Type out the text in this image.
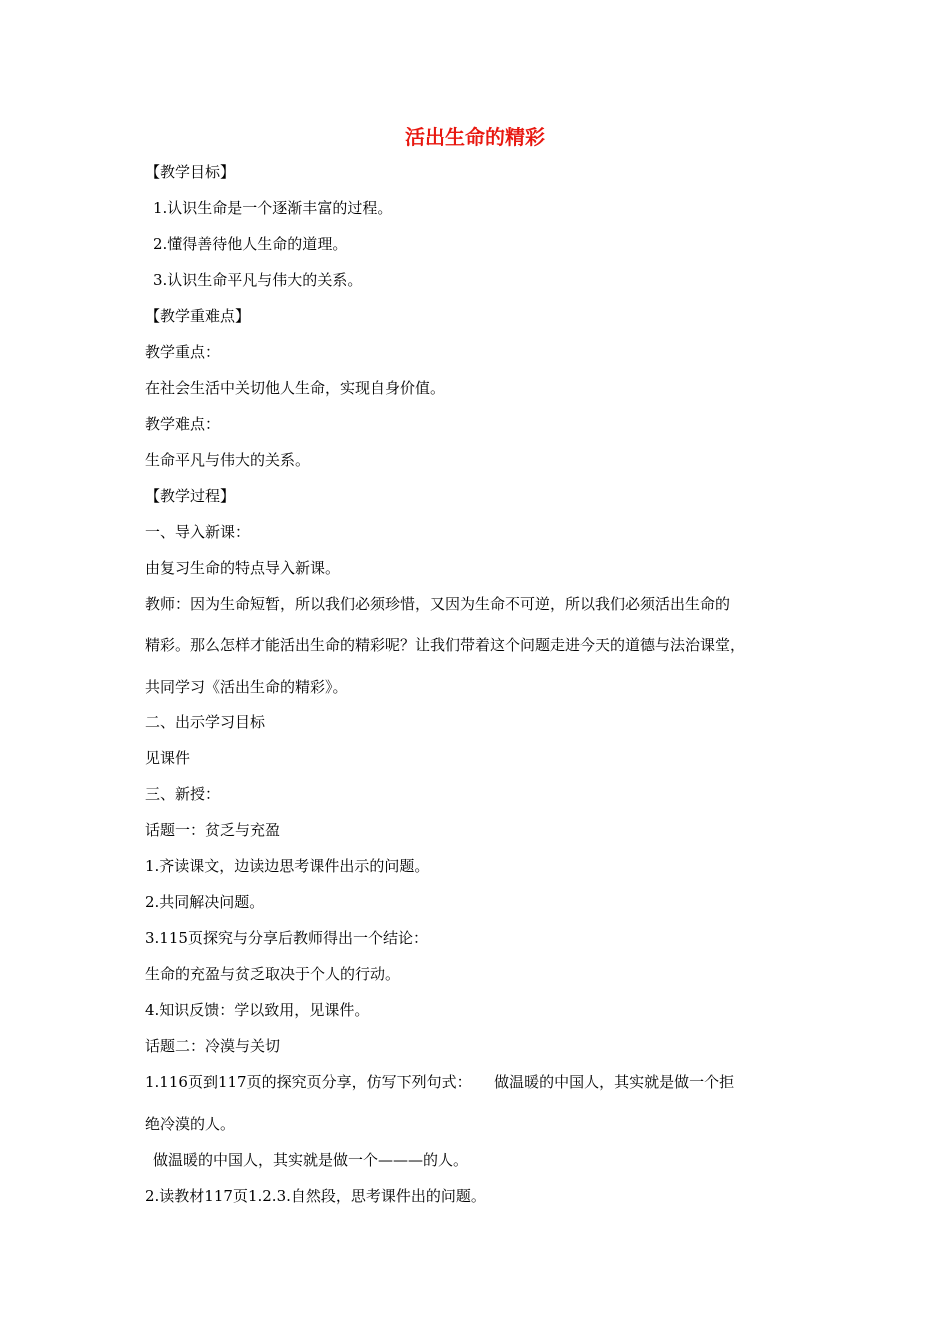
活出生命的精彩
【教学目标】
1.认识生命是一个逐渐丰富的过程。
2.懂得善待他人生命的道理。
3.认识生命平凡与伟大的关系。
【教学重难点】
教学重点：
在社会生活中关切他人生命，实现自身价值。
教学难点：
生命平凡与伟大的关系。
【教学过程】
一、导入新课：
由复习生命的特点导入新课。
教师：因为生命短暂，所以我们必须珍惜，又因为生命不可逆，所以我们必须活出生命的
精彩。那么怎样才能活出生命的精彩呢？让我们带着这个问题走进今天的道德与法治课堂，
共同学习《活出生命的精彩》。
二、出示学习目标
见课件
三、新授：
话题一：贫乏与充盈
1.齐读课文，边读边思考课件出示的问题。
2.共同解决问题。
3.115页探究与分享后教师得出一个结论：
生命的充盈与贫乏取决于个人的行动。
4.知识反馈：学以致用，见课件。
话题二：冷漠与关切
1.116页到117页的探究页分享，仿写下列句式：　　做温暖的中国人，其实就是做一个拒
绝冷漠的人。
做温暖的中国人，其实就是做一个———的人。
2.读教材117页1.2.3.自然段，思考课件出的问题。
